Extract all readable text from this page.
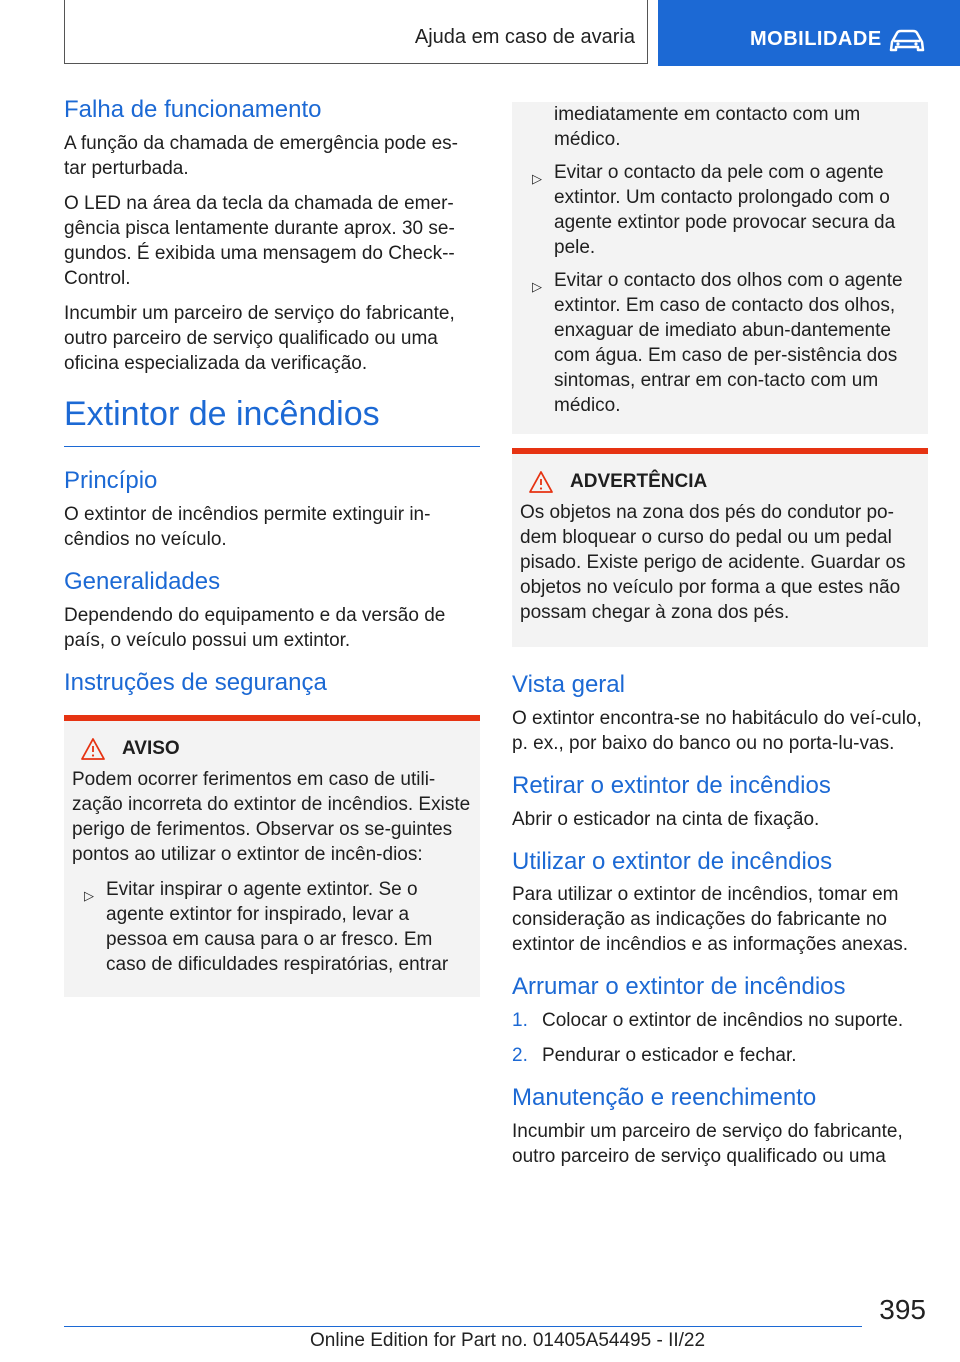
Ajuda em caso de avaria	MOBILIDADE
Falha de funcionamento

A função da chamada de emergência pode es-tar perturbada.

O LED na área da tecla da chamada de emer-gência pisca lentamente durante aprox. 30 se-gundos. É exibida uma mensagem do Check--Control.

Incumbir um parceiro de serviço do fabricante, outro parceiro de serviço qualificado ou uma oficina especializada da verificação.

Extintor de incêndios
Princípio

O extintor de incêndios permite extinguir in-cêndios no veículo.

Generalidades

Dependendo do equipamento e da versão de país, o veículo possui um extintor.

Instruções de segurança
AVISO

Podem ocorrer ferimentos em caso de utili-zação incorreta do extintor de incêndios. Existe perigo de ferimentos. Observar os se-guintes pontos ao utilizar o extintor de incên-dios:

▷ Evitar inspirar o agente extintor. Se o agente extintor for inspirado, levar a pessoa em causa para o ar fresco. Em caso de dificuldades respiratórias, entrar
imediatamente em contacto com um médico.
▷ Evitar o contacto da pele com o agente extintor. Um contacto prolongado com o agente extintor pode provocar secura da pele.
▷ Evitar o contacto dos olhos com o agente extintor. Em caso de contacto dos olhos, enxaguar de imediato abun-dantemente com água. Em caso de per-sistência dos sintomas, entrar em con-tacto com um médico.
ADVERTÊNCIA

Os objetos na zona dos pés do condutor po-dem bloquear o curso do pedal ou um pedal pisado. Existe perigo de acidente. Guardar os objetos no veículo por forma a que estes não possam chegar à zona dos pés.

Vista geral

O extintor encontra-se no habitáculo do veí-culo, p. ex., por baixo do banco ou no porta-lu-vas.

Retirar o extintor de incêndios

Abrir o esticador na cinta de fixação.

Utilizar o extintor de incêndios

Para utilizar o extintor de incêndios, tomar em consideração as indicações do fabricante no extintor de incêndios e as informações anexas.

Arrumar o extintor de incêndios
1. Colocar o extintor de incêndios no suporte.
2. Pendurar o esticador e fechar.
Manutenção e reenchimento

Incumbir um parceiro de serviço do fabricante, outro parceiro de serviço qualificado ou uma

395
Online Edition for Part no. 01405A54495 - II/22
